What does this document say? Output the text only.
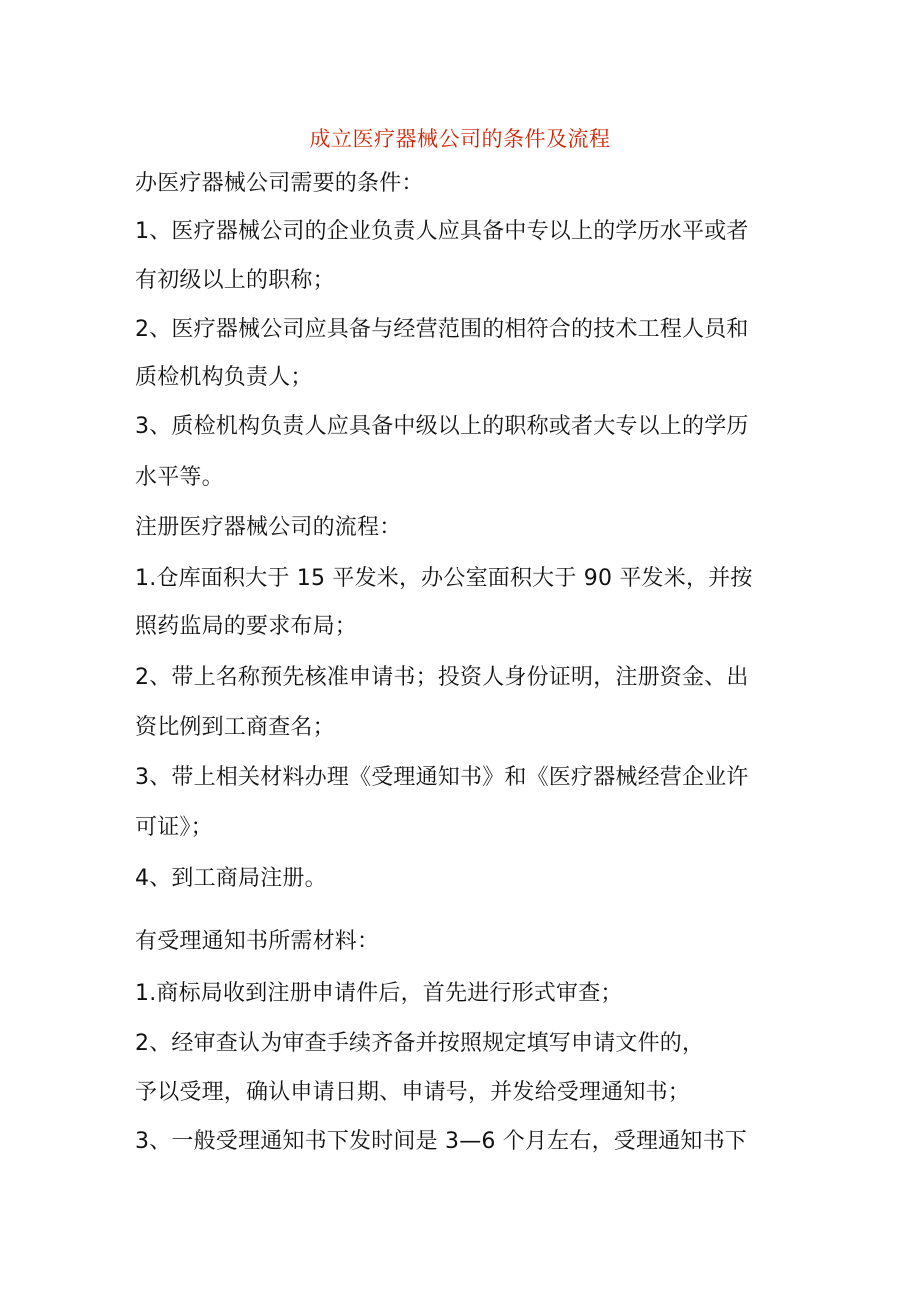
成立医疗器械公司的条件及流程
办医疗器械公司需要的条件：
1、医疗器械公司的企业负责人应具备中专以上的学历水平或者
有初级以上的职称；
2、医疗器械公司应具备与经营范围的相符合的技术工程人员和
质检机构负责人；
3、质检机构负责人应具备中级以上的职称或者大专以上的学历
水平等。
注册医疗器械公司的流程：
1.仓库面积大于 15 平发米，办公室面积大于 90 平发米，并按
照药监局的要求布局；
2、带上名称预先核准申请书；投资人身份证明，注册资金、出
资比例到工商查名；
3、带上相关材料办理《受理通知书》和《医疗器械经营企业许
可证》；
4、到工商局注册。
有受理通知书所需材料：
1.商标局收到注册申请件后，首先进行形式审查；
2、经审查认为审查手续齐备并按照规定填写申请文件的，
予以受理，确认申请日期、申请号，并发给受理通知书；
3、一般受理通知书下发时间是 3—6 个月左右，受理通知书下
